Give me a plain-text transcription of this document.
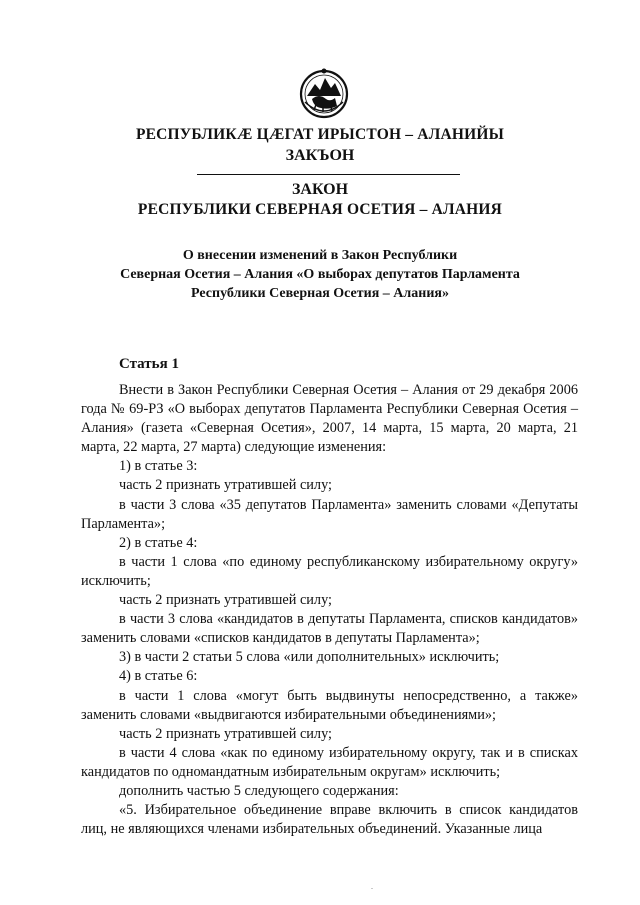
РЕСПУБЛИКÆ ЦÆГАТ ИРЫСТОН – АЛАНИЙЫ
ЗАКЪОН
ЗАКОН
РЕСПУБЛИКИ СЕВЕРНАЯ ОСЕТИЯ – АЛАНИЯ
О внесении изменений в Закон Республики
Северная Осетия – Алания «О выборах депутатов Парламента
Республики Северная Осетия – Алания»
Статья 1

Внести в Закон Республики Северная Осетия – Алания от 29 декабря 2006 года № 69-РЗ «О выборах депутатов Парламента Республики Северная Осетия – Алания» (газета «Северная Осетия», 2007, 14 марта, 15 марта, 20 марта, 21 марта, 22 марта, 27 марта) следующие изменения:

1) в статье 3:

часть 2 признать утратившей силу;

в части 3 слова «35 депутатов Парламента» заменить словами «Депутаты Парламента»;

2) в статье 4:

в части 1 слова «по единому республиканскому избирательному округу» исключить;

часть 2 признать утратившей силу;

в части 3 слова «кандидатов в депутаты Парламента, списков кандидатов» заменить словами «списков кандидатов в депутаты Парламента»;

3) в части 2 статьи 5 слова «или дополнительных» исключить;

4) в статье 6:

в части 1 слова «могут быть выдвинуты непосредственно, а также» заменить словами «выдвигаются избирательными объединениями»;

часть 2 признать утратившей силу;

в части 4 слова «как по единому избирательному округу, так и в списках кандидатов по одномандатным избирательным округам» исключить;

дополнить частью 5 следующего содержания:

«5. Избирательное объединение вправе включить в список кандидатов лиц, не являющихся членами избирательных объединений. Указанные лица

.
